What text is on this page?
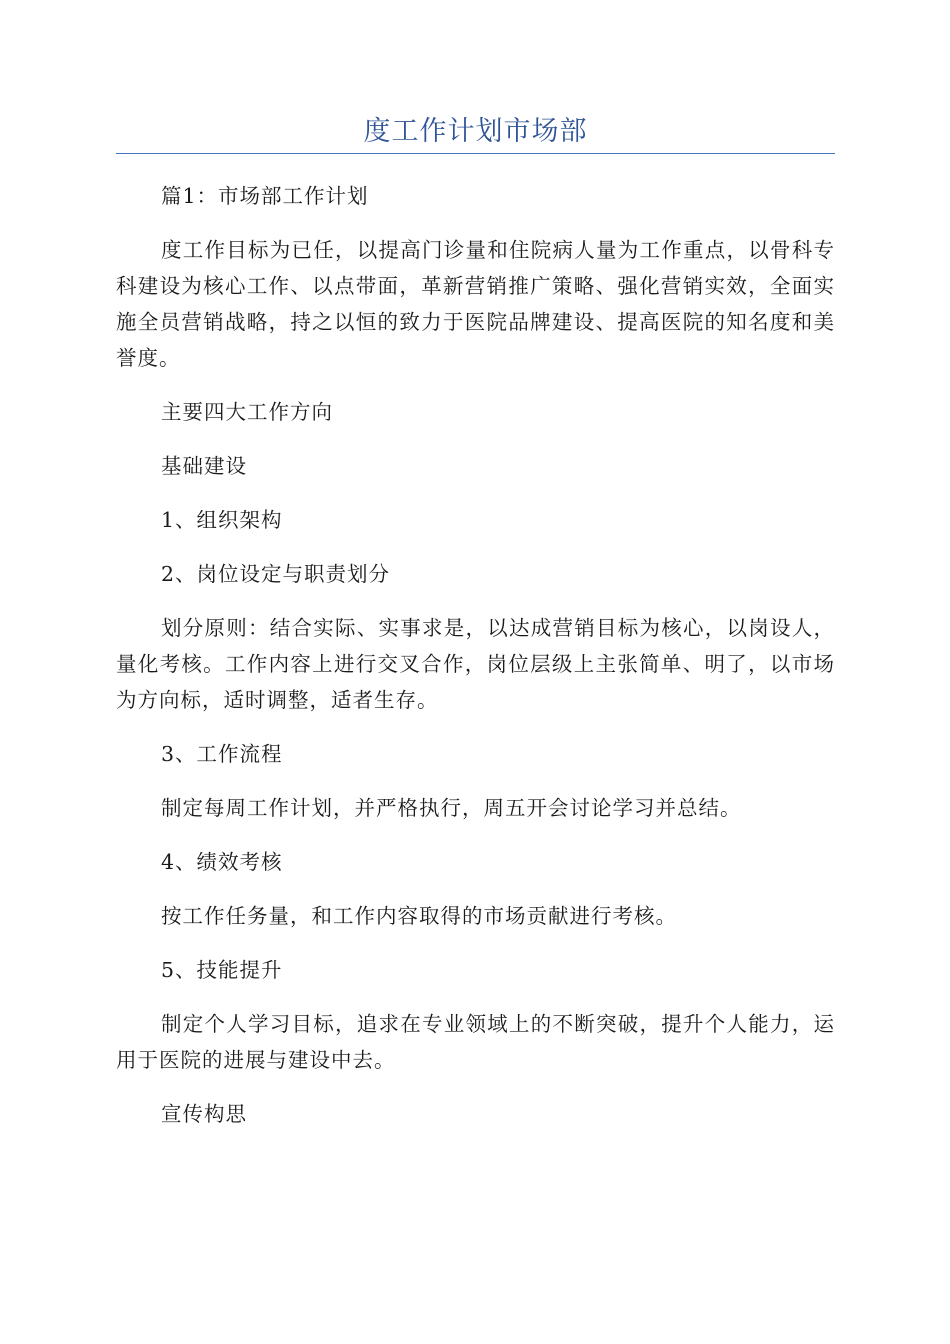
度工作计划市场部

篇1：市场部工作计划

度工作目标为已任，以提高门诊量和住院病人量为工作重点，以骨科专科建设为核心工作、以点带面，革新营销推广策略、强化营销实效，全面实施全员营销战略，持之以恒的致力于医院品牌建设、提高医院的知名度和美誉度。

主要四大工作方向

基础建设

1、组织架构

2、岗位设定与职责划分

划分原则：结合实际、实事求是，以达成营销目标为核心，以岗设人，量化考核。工作内容上进行交叉合作，岗位层级上主张简单、明了，以市场为方向标，适时调整，适者生存。

3、工作流程

制定每周工作计划，并严格执行，周五开会讨论学习并总结。

4、绩效考核

按工作任务量，和工作内容取得的市场贡献进行考核。

5、技能提升

制定个人学习目标，追求在专业领域上的不断突破，提升个人能力，运用于医院的进展与建设中去。

宣传构思
